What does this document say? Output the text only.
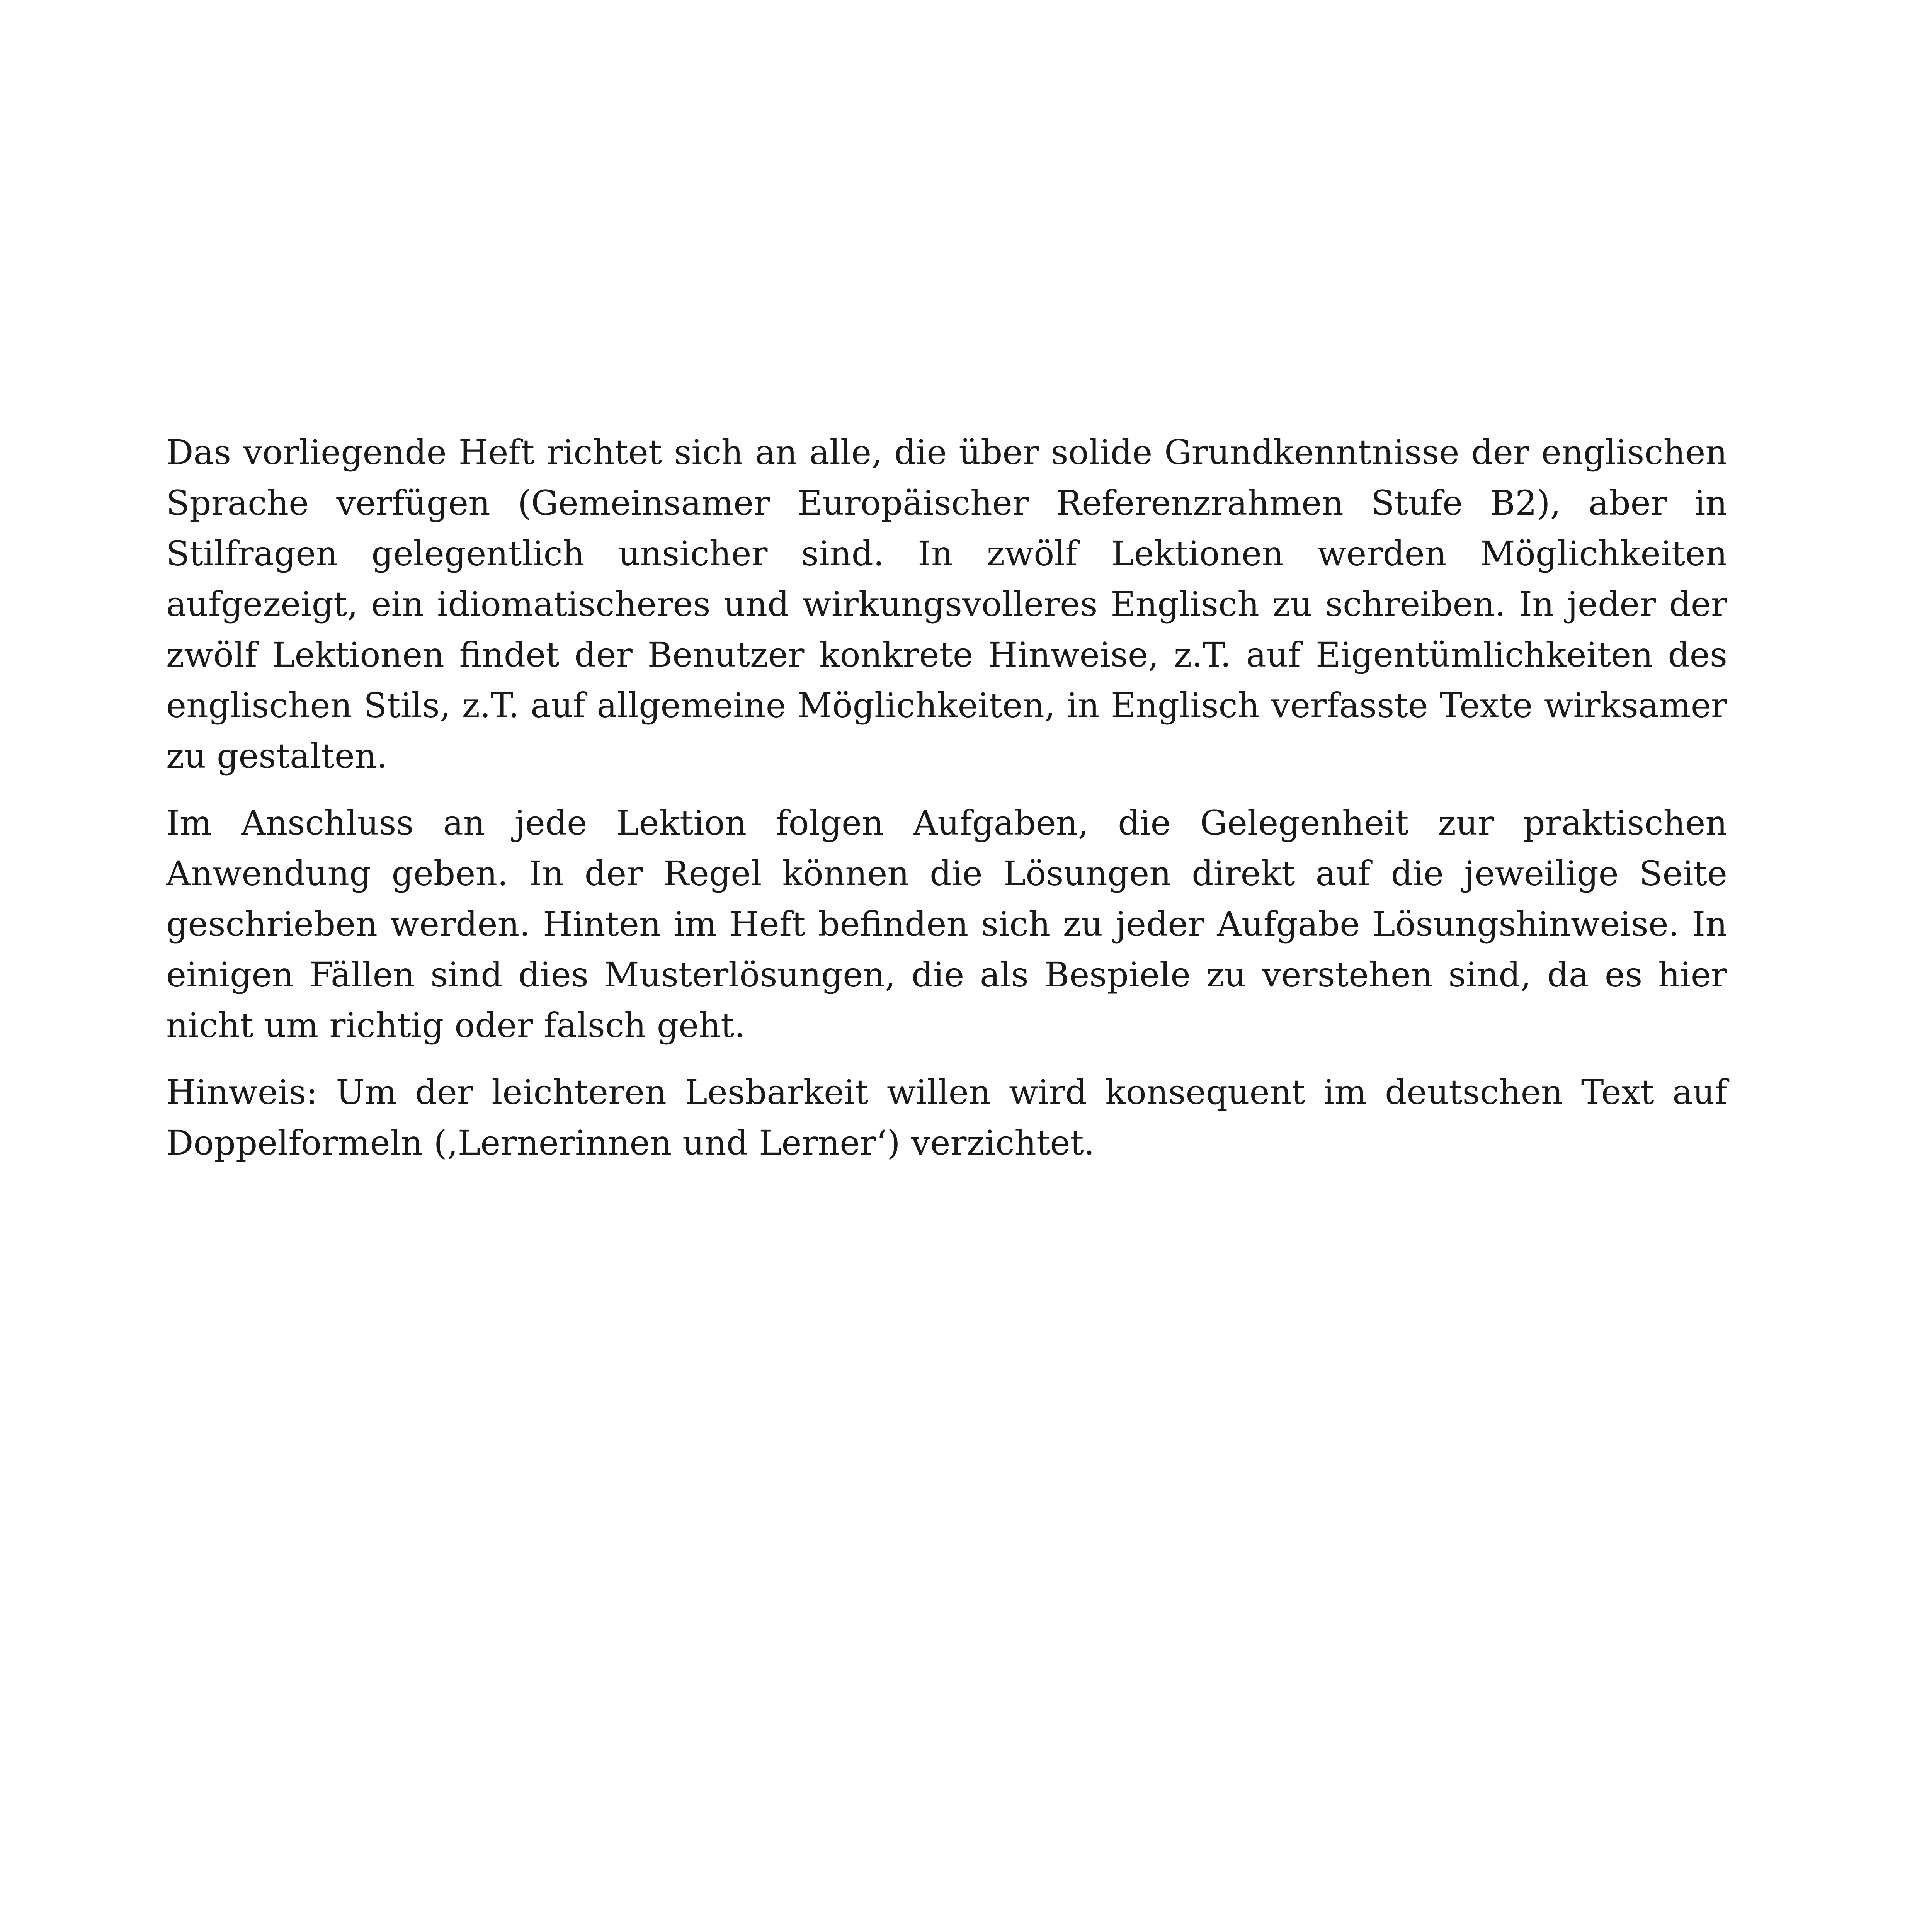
Das vorliegende Heft richtet sich an alle, die über solide Grundkenntnisse der englischen Sprache verfügen (Gemeinsamer Europäischer Referenzrahmen Stufe B2), aber in Stilfragen gelegentlich unsicher sind. In zwölf Lektionen werden Möglichkeiten aufgezeigt, ein idiomatischeres und wirkungsvolleres Englisch zu schreiben. In jeder der zwölf Lektionen findet der Benutzer konkrete Hinweise, z.T. auf Eigentümlichkeiten des englischen Stils, z.T. auf allgemeine Möglichkeiten, in Englisch verfasste Texte wirksamer zu gestalten.

Im Anschluss an jede Lektion folgen Aufgaben, die Gelegenheit zur praktischen Anwendung geben. In der Regel können die Lösungen direkt auf die jeweilige Seite geschrieben werden. Hinten im Heft befinden sich zu jeder Aufgabe Lösungshinweise. In einigen Fällen sind dies Musterlösungen, die als Bespiele zu verstehen sind, da es hier nicht um richtig oder falsch geht.

Hinweis: Um der leichteren Lesbarkeit willen wird konsequent im deutschen Text auf Doppelformeln (‚Lernerinnen und Lerner‘) verzichtet.
